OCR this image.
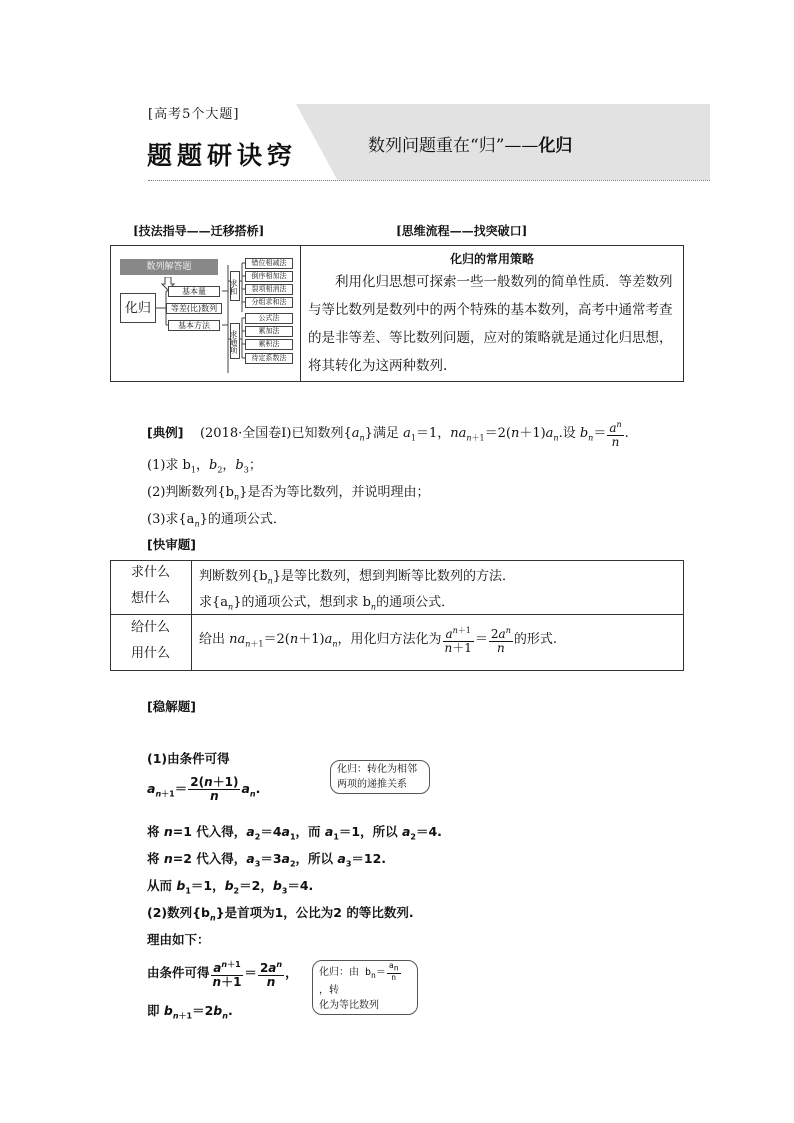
[高考5个大题]
题题研诀窍	数列问题重在“归”——化归
[技法指导——迁移搭桥]	[思维流程——找突破口]
化归的常用策略
利用化归思想可探索一些一般数列的简单性质．等差数列与等比数列是数列中的两个特殊的基本数列，高考中通常考查的是非等差、等比数列问题，应对的策略就是通过化归思想，将其转化为这两种数列.
数列解答题
化归
基本量
等差(比)数列
基本方法
求和
求通项
错位相减法
倒序相加法
裂项相消法
分组求和法
公式法
累加法
累积法
待定系数法
[典例] (2018·全国卷Ⅰ)已知数列$\{a_n\}$满足 $a_1=1$，$na_{n+1}=2(n+1)a_n$.设 $b_n= \frac{a^n}{n}$ .
(1)求 $b_1$，$b_2$，$b_3$；
(2)判断数列$\{b_n\}$是否为等比数列，并说明理由；
(3)求$\{a_n\}$的通项公式．
[快审题]
求什么
想什么
给什么
用什么
判断数列$\{b_n\}$是等比数列，想到判断等比数列的方法．
求$\{a_n\}$的通项公式，想到求 $b_n$的通项公式．
给出 $na_{n+1}=2(n+1)a_n$，用化归方法化为 $\frac{a^{n+1}}{n+1} = \frac{2a^n}{n}$ 的形式.
[稳解题]
(1)由条件可得
$a_{n+1}= \frac{2(n+1)}{n} a_n$.
化归：转化为相邻
两项的递推关系
将 n=1 代入得，$a_2=4a_1$，而 $a_1=1$，所以 $a_2=4$.
将 n=2 代入得，$a_3=3a_2$，所以 $a_3=12$.
从而 $b_1=1$，$b_2=2$，$b_3=4$.
(2)数列$\{b_n\}$是首项为1，公比为2 的等比数列.
理由如下：
由条件可得 $\frac{a^{n+1}}{n+1} = \frac{2a^n}{n}$ ， 化归：由 $b_n= \frac{a_n}{n}$
，转
化为等比数列
即 $b_{n+1}=2b_n$.
